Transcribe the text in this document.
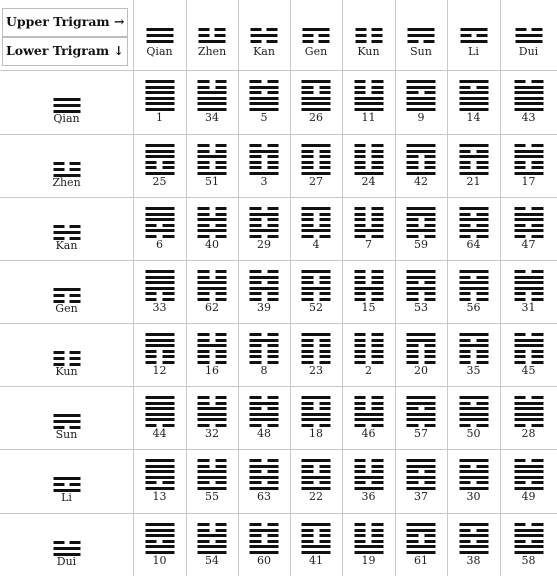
Upper Trigram →
Lower Trigram ↓	Qian	Zhen	Kan	Gen	Kun	Sun	Li	Dui
Qian	1	34	5	26	11	9	14	43
Zhen	25	51	3	27	24	42	21	17
Kan	6	40	29	4	7	59	64	47
Gen	33	62	39	52	15	53	56	31
Kun	12	16	8	23	2	20	35	45
Sun	44	32	48	18	46	57	50	28
Li	13	55	63	22	36	37	30	49
Dui	10	54	60	41	19	61	38	58
